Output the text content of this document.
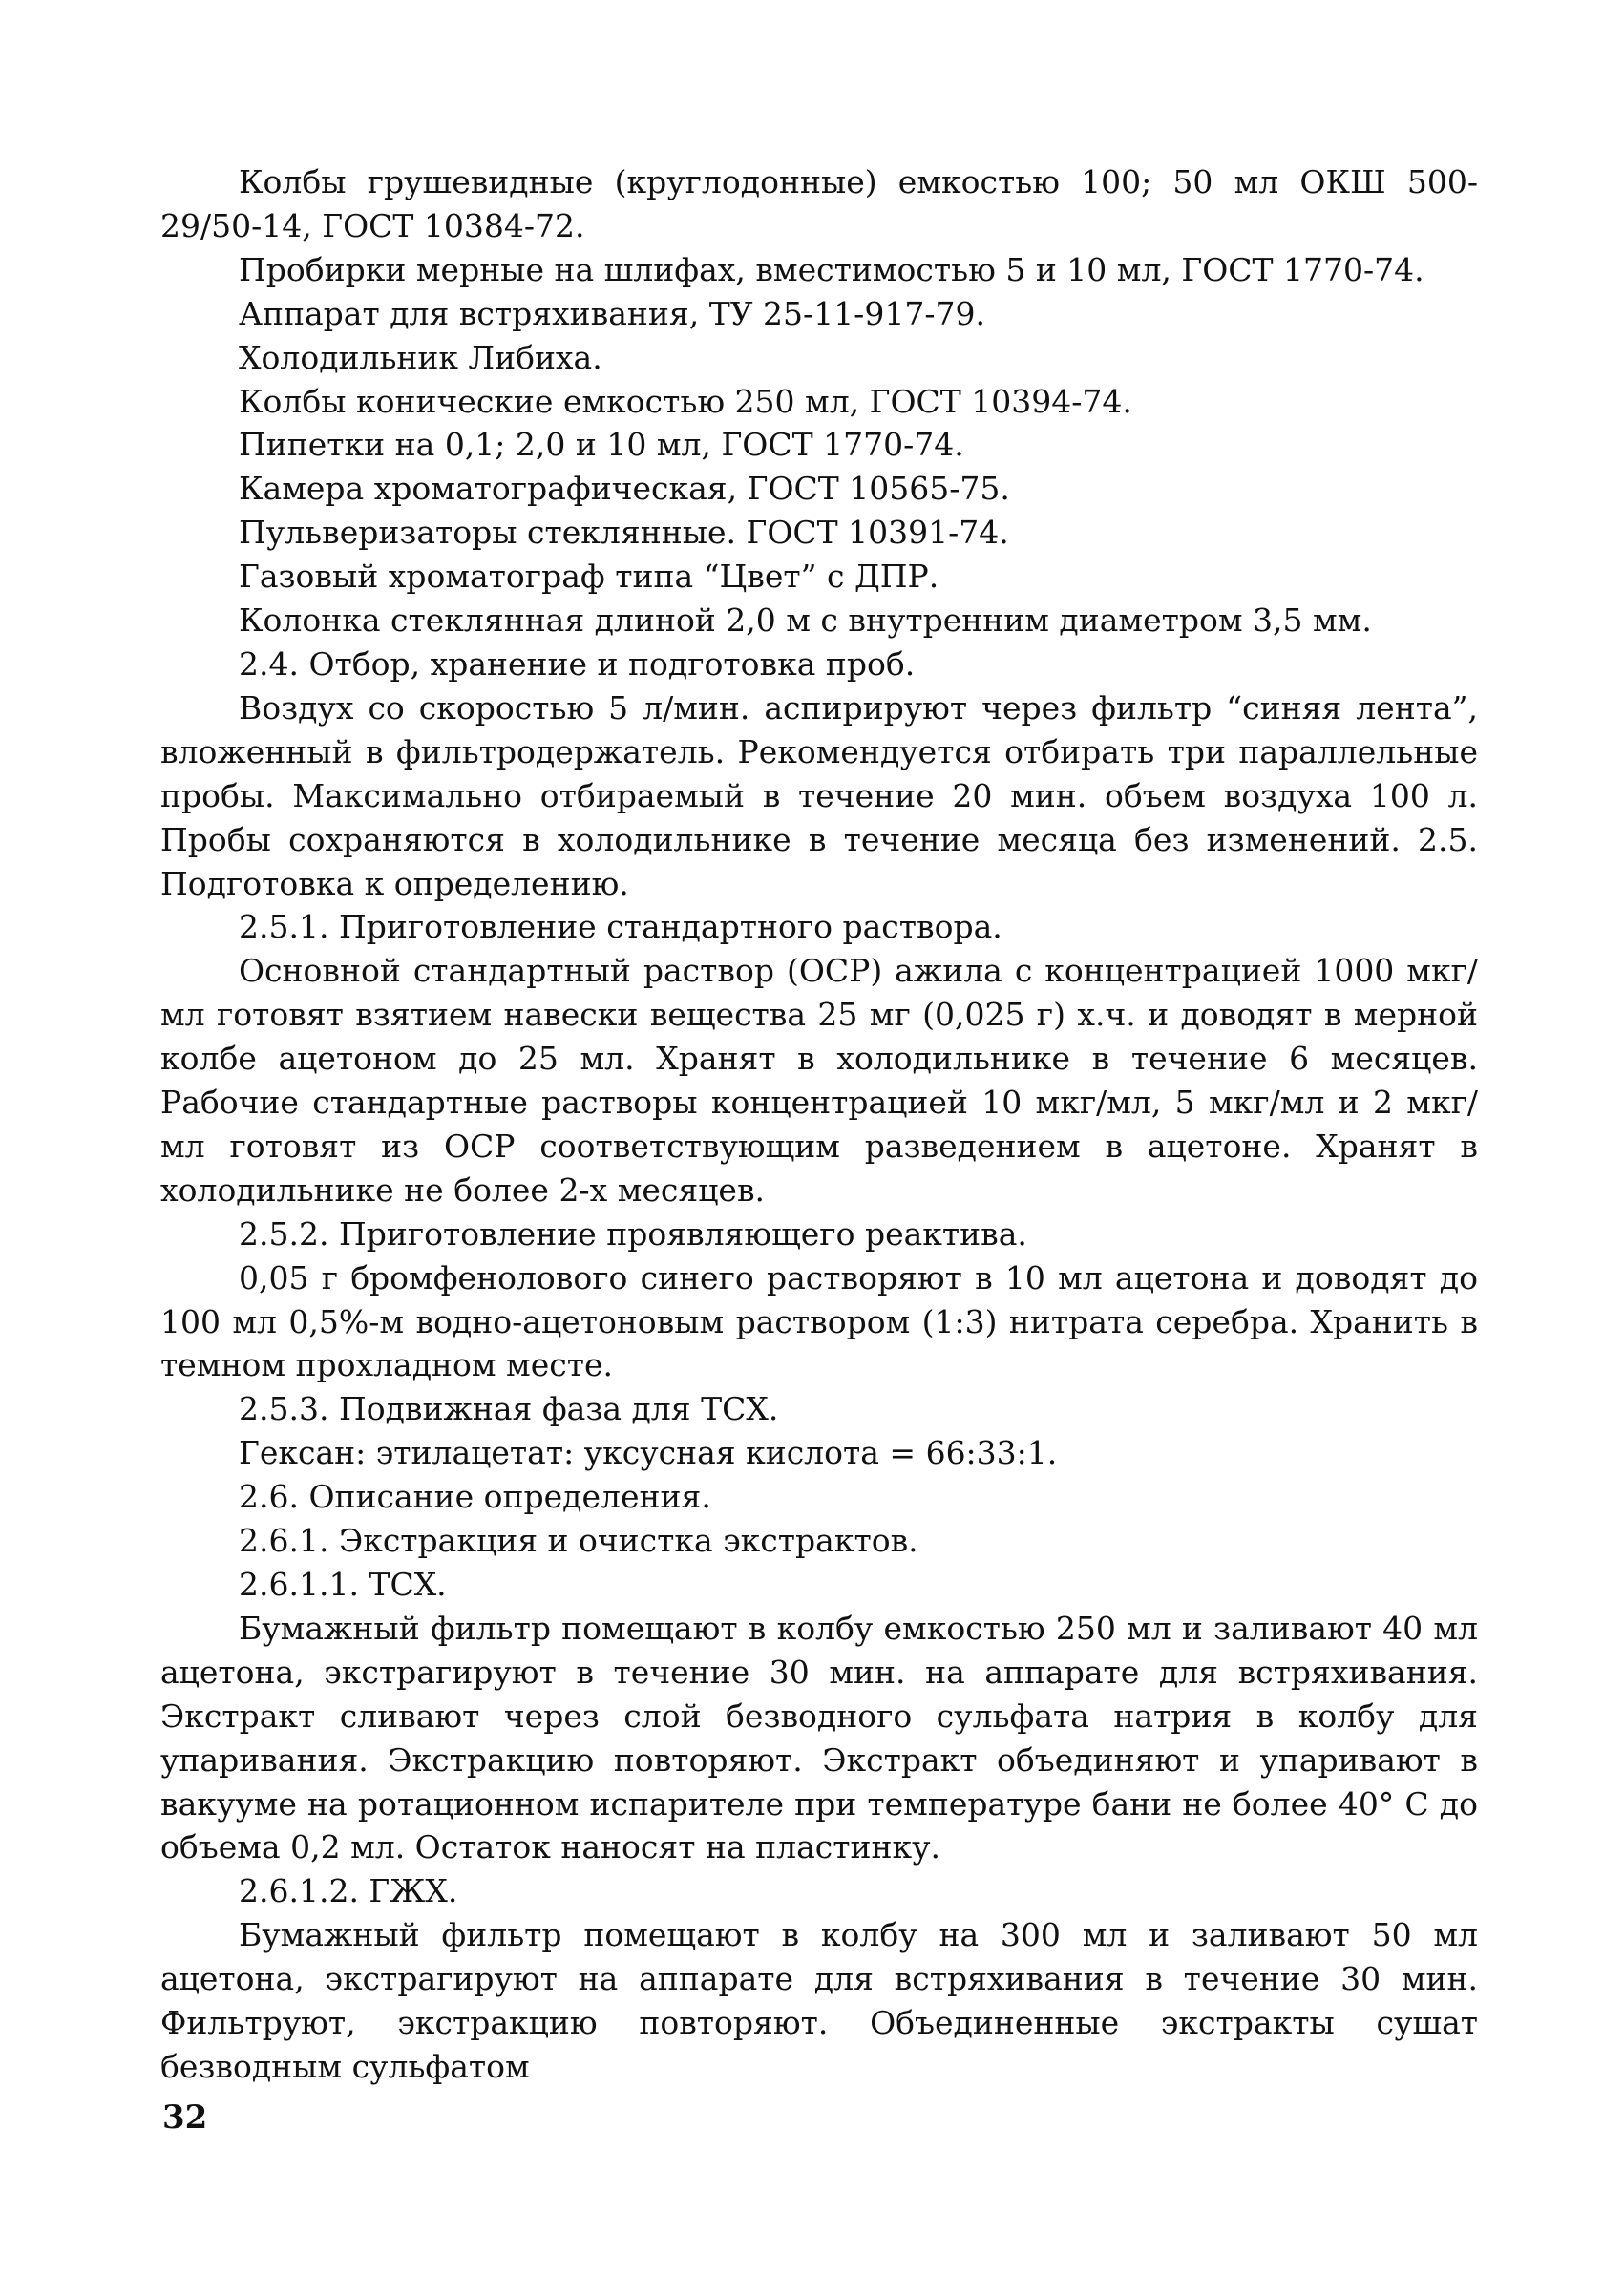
Колбы грушевидные (круглодонные) емкостью 100; 50 мл ОКШ 500-29/50-14, ГОСТ 10384-72.

Пробирки мерные на шлифах, вместимостью 5 и 10 мл, ГОСТ 1770-74.

Аппарат для встряхивания, ТУ 25-11-917-79.

Холодильник Либиха.

Колбы конические емкостью 250 мл, ГОСТ 10394-74.

Пипетки на 0,1; 2,0 и 10 мл, ГОСТ 1770-74.

Камера хроматографическая, ГОСТ 10565-75.

Пульверизаторы стеклянные. ГОСТ 10391-74.

Газовый хроматограф типа “Цвет” с ДПР.

Колонка стеклянная длиной 2,0 м с внутренним диаметром 3,5 мм.

2.4. Отбор, хранение и подготовка проб.

Воздух со скоростью 5 л/мин. аспирируют через фильтр “синяя лента”, вложенный в фильтродержатель. Рекомендуется отбирать три параллельные пробы. Максимально отбираемый в течение 20 мин. объем воздуха 100 л. Пробы сохраняются в холодильнике в течение месяца без изменений. 2.5. Подготовка к определению.

2.5.1. Приготовление стандартного раствора.

Основной стандартный раствор (ОСР) ажила с концентрацией 1000 мкг/мл готовят взятием навески вещества 25 мг (0,025 г) х.ч. и доводят в мерной колбе ацетоном до 25 мл. Хранят в холодильнике в течение 6 месяцев. Рабочие стандартные растворы концентрацией 10 мкг/мл, 5 мкг/мл и 2 мкг/мл готовят из ОСР соответствующим разведением в ацетоне. Хранят в холодильнике не более 2-х месяцев.

2.5.2. Приготовление проявляющего реактива.

0,05 г бромфенолового синего растворяют в 10 мл ацетона и доводят до 100 мл 0,5%-м водно-ацетоновым раствором (1:3) нитрата серебра. Хранить в темном прохладном месте.

2.5.3. Подвижная фаза для ТСХ.

Гексан: этилацетат: уксусная кислота = 66:33:1.

2.6. Описание определения.

2.6.1. Экстракция и очистка экстрактов.

2.6.1.1. ТСХ.

Бумажный фильтр помещают в колбу емкостью 250 мл и заливают 40 мл ацетона, экстрагируют в течение 30 мин. на аппарате для встряхивания. Экстракт сливают через слой безводного сульфата натрия в колбу для упаривания. Экстракцию повторяют. Экстракт объединяют и упаривают в вакууме на ротационном испарителе при температуре бани не более 40° С до объема 0,2 мл. Остаток наносят на пластинку.

2.6.1.2. ГЖХ.

Бумажный фильтр помещают в колбу на 300 мл и заливают 50 мл ацетона, экстрагируют на аппарате для встряхивания в течение 30 мин. Фильтруют, экстракцию повторяют. Объединенные экстракты сушат безводным сульфатом

32
